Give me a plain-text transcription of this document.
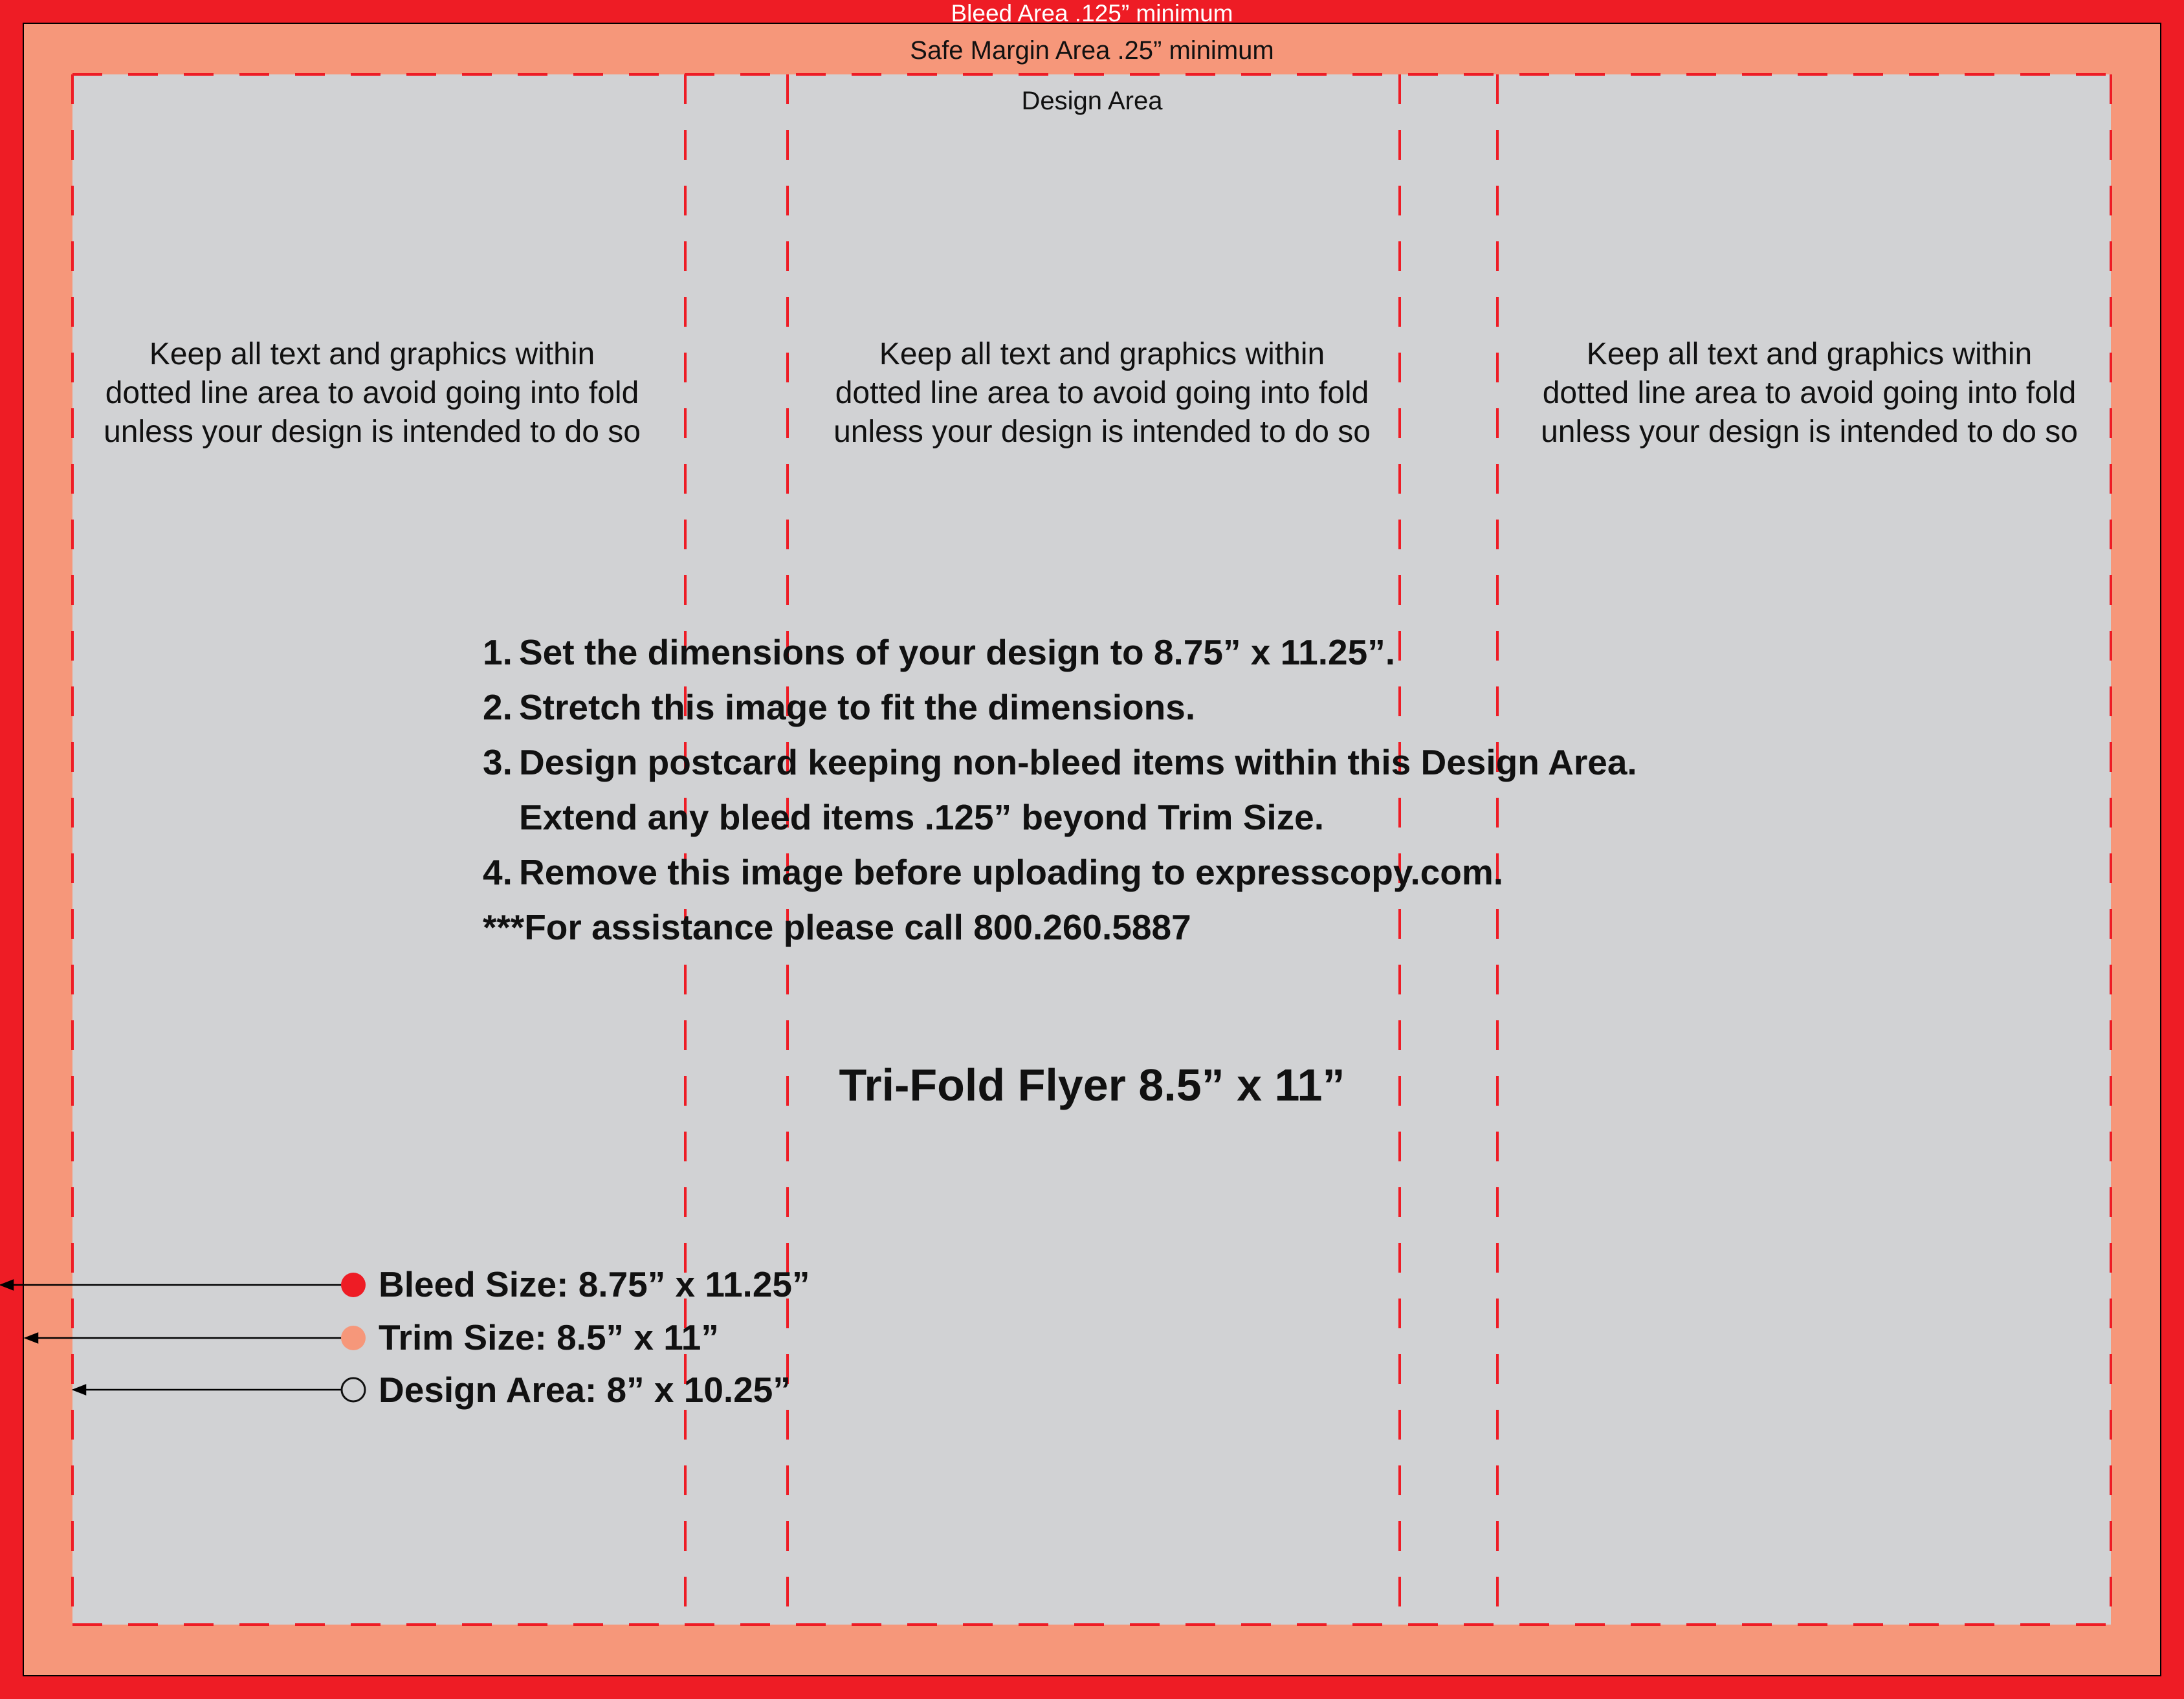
Bleed Area .125” minimum
Safe Margin Area .25” minimum
Design Area
Keep all text and graphics within
dotted line area to avoid going into fold
unless your design is intended to do so
Keep all text and graphics within
dotted line area to avoid going into fold
unless your design is intended to do so
Keep all text and graphics within
dotted line area to avoid going into fold
unless your design is intended to do so
1. Set the dimensions of your design to 8.75” x 11.25”.
2. Stretch this image to fit the dimensions.
3. Design postcard keeping non-bleed items within this Design Area.
Extend any bleed items .125” beyond Trim Size.
4. Remove this image before uploading to expresscopy.com.
***For assistance please call 800.260.5887
Tri-Fold Flyer 8.5” x 11”
Bleed Size: 8.75” x 11.25”
Trim Size: 8.5” x 11”
Design Area: 8” x 10.25”
